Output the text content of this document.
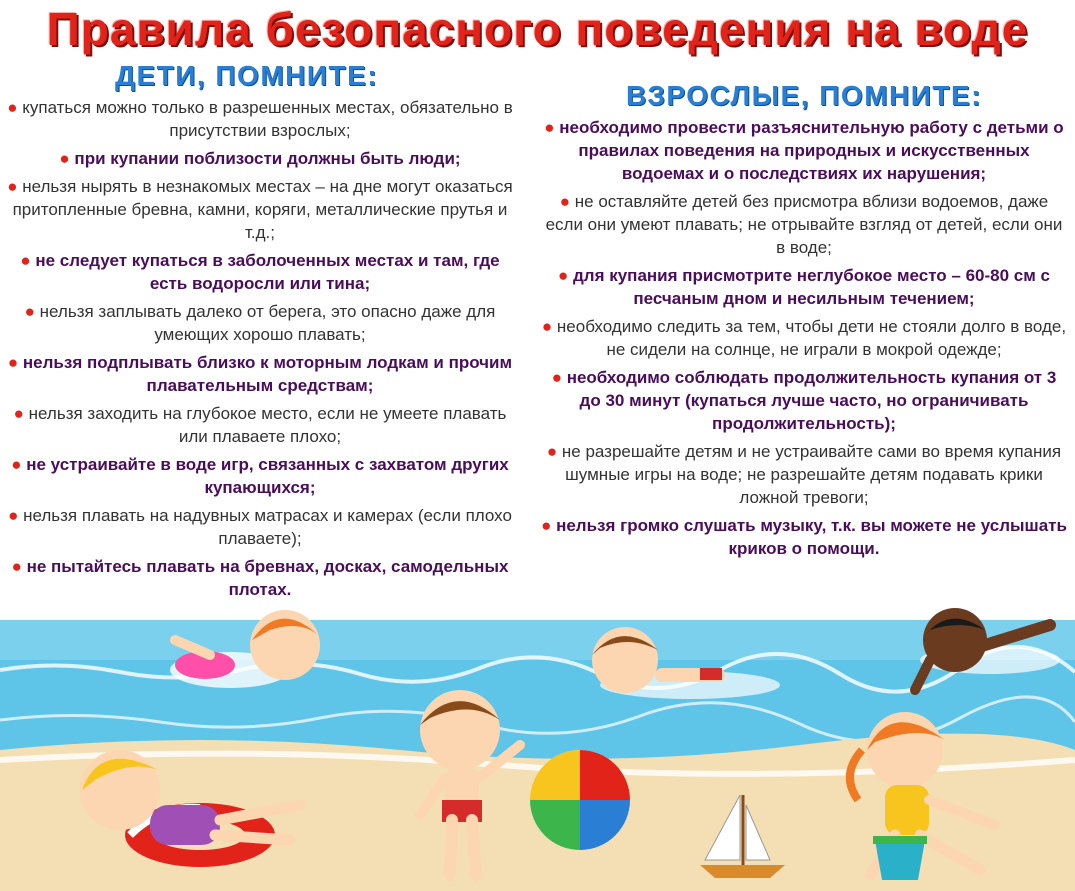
Правила безопасного поведения на воде
ДЕТИ, ПОМНИТЕ:
● купаться можно только в разрешенных местах, обязательно в присутствии взрослых;
● при купании поблизости должны быть люди;
● нельзя нырять в незнакомых местах – на дне могут оказаться притопленные бревна, камни, коряги, металлические прутья и т.д.;
● не следует купаться в заболоченных местах и там, где есть водоросли или тина;
● нельзя заплывать далеко от берега, это опасно даже для умеющих хорошо плавать;
● нельзя подплывать близко к моторным лодкам и прочим плавательным средствам;
● нельзя заходить на глубокое место, если не умеете плавать или плаваете плохо;
● не устраивайте в воде игр, связанных с захватом других купающихся;
● нельзя плавать на надувных матрасах и камерах (если плохо плаваете);
● не пытайтесь плавать на бревнах, досках, самодельных плотах.
ВЗРОСЛЫЕ, ПОМНИТЕ:
● необходимо провести разъяснительную работу с детьми о правилах поведения на природных и искусственных водоемах и о последствиях их нарушения;
● не оставляйте детей без присмотра вблизи водоемов, даже если они умеют плавать; не отрывайте взгляд от детей, если они в воде;
● для купания присмотрите неглубокое место – 60-80 см с песчаным дном и несильным течением;
● необходимо следить за тем, чтобы дети не стояли долго в воде, не сидели на солнце, не играли в мокрой одежде;
● необходимо соблюдать продолжительность купания от 3 до 30 минут (купаться лучше часто, но ограничивать продолжительность);
● не разрешайте детям и не устраивайте сами во время купания шумные игры на воде; не разрешайте детям подавать крики ложной тревоги;
● нельзя громко слушать музыку, т.к. вы можете не услышать криков о помощи.
